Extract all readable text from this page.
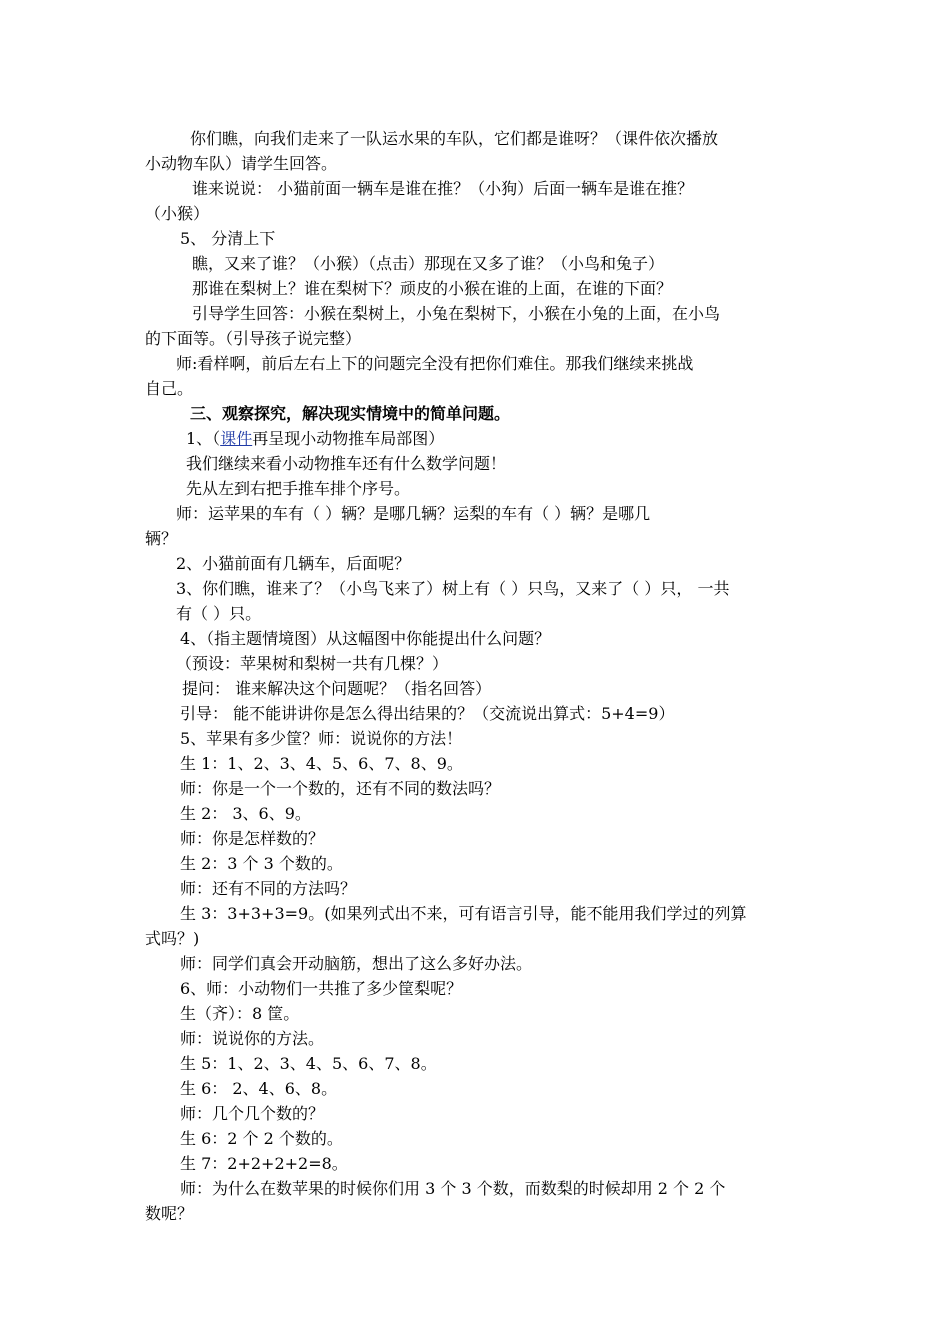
你们瞧，向我们走来了一队运水果的车队，它们都是谁呀？（课件依次播放
小动物车队）请学生回答。
谁来说说： 小猫前面一辆车是谁在推？（小狗）后面一辆车是谁在推？
（小猴）
5、 分清上下
瞧，又来了谁？（小猴）（点击）那现在又多了谁？（小鸟和兔子）
那谁在梨树上？谁在梨树下？顽皮的小猴在谁的上面，在谁的下面？
引导学生回答：小猴在梨树上，小兔在梨树下，小猴在小兔的上面，在小鸟
的下面等。（引导孩子说完整）
师:看样啊，前后左右上下的问题完全没有把你们难住。那我们继续来挑战
自己。
三、观察探究，解决现实情境中的简单问题。
1、（课件再呈现小动物推车局部图）
我们继续来看小动物推车还有什么数学问题！
先从左到右把手推车排个序号。
师：运苹果的车有（ ）辆？是哪几辆？运梨的车有（ ）辆？是哪几
辆？
2、小猫前面有几辆车，后面呢？
3、你们瞧，谁来了？（小鸟飞来了）树上有（ ）只鸟，又来了（ ）只， 一共
有（ ）只。
4、（指主题情境图）从这幅图中你能提出什么问题？
（预设：苹果树和梨树一共有几棵？）
提问： 谁来解决这个问题呢？（指名回答）
引导： 能不能讲讲你是怎么得出结果的？（交流说出算式：5+4=9）
5、苹果有多少筐？师：说说你的方法！
生 1：1、2、3、4、5、6、7、8、9。
师：你是一个一个数的，还有不同的数法吗？
生 2： 3、6、9。
师：你是怎样数的？
生 2：3 个 3 个数的。
师：还有不同的方法吗？
生 3：3+3+3=9。(如果列式出不来，可有语言引导，能不能用我们学过的列算
式吗？)
师：同学们真会开动脑筋，想出了这么多好办法。
6、师：小动物们一共推了多少筐梨呢？
生（齐）：8 筐。
师：说说你的方法。
生 5：1、2、3、4、5、6、7、8。
生 6： 2、4、6、8。
师：几个几个数的？
生 6：2 个 2 个数的。
生 7：2+2+2+2=8。
师：为什么在数苹果的时候你们用 3 个 3 个数，而数梨的时候却用 2 个 2 个
数呢？
